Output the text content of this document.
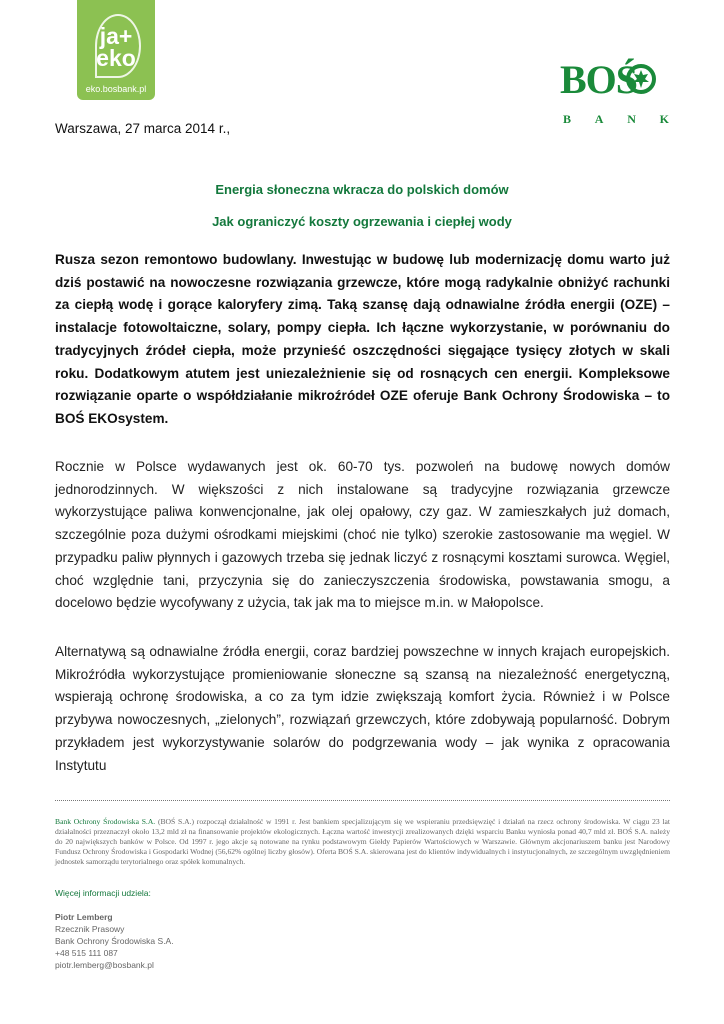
ja+
eko
eko.bosbank.pl	BOŚ
B A N K
Warszawa, 27 marca 2014 r.,
Energia słoneczna wkracza do polskich domów
Jak ograniczyć koszty ogrzewania i ciepłej wody

Rusza sezon remontowo budowlany. Inwestując w budowę lub modernizację domu warto już dziś postawić na nowoczesne rozwiązania grzewcze, które mogą radykalnie obniżyć rachunki za ciepłą wodę i gorące kaloryfery zimą. Taką szansę dają odnawialne źródła energii (OZE) – instalacje fotowoltaiczne, solary, pompy ciepła. Ich łączne wykorzystanie, w porównaniu do tradycyjnych źródeł ciepła, może przynieść oszczędności sięgające tysięcy złotych w skali roku. Dodatkowym atutem jest uniezależnienie się od rosnących cen energii. Kompleksowe rozwiązanie oparte o współdziałanie mikroźródeł OZE oferuje Bank Ochrony Środowiska – to BOŚ EKOsystem.

Rocznie w Polsce wydawanych jest ok. 60-70 tys. pozwoleń na budowę nowych domów jednorodzinnych. W większości z nich instalowane są tradycyjne rozwiązania grzewcze wykorzystujące paliwa konwencjonalne, jak olej opałowy, czy gaz. W zamieszkałych już domach, szczególnie poza dużymi ośrodkami miejskimi (choć nie tylko) szerokie zastosowanie ma węgiel. W przypadku paliw płynnych i gazowych trzeba się jednak liczyć z rosnącymi kosztami surowca. Węgiel, choć względnie tani, przyczynia się do zanieczyszczenia środowiska, powstawania smogu, a docelowo będzie wycofywany z użycia, tak jak ma to miejsce m.in. w Małopolsce.

Alternatywą są odnawialne źródła energii, coraz bardziej powszechne w innych krajach europejskich. Mikroźródła wykorzystujące promieniowanie słoneczne są szansą na niezależność energetyczną, wspierają ochronę środowiska, a co za tym idzie zwiększają komfort życia. Również i w Polsce przybywa nowoczesnych, „zielonych”, rozwiązań grzewczych, które zdobywają popularność. Dobrym przykładem jest wykorzystywanie solarów do podgrzewania wody – jak wynika z opracowania Instytutu

Bank Ochrony Środowiska S.A. (BOŚ S.A.) rozpoczął działalność w 1991 r. Jest bankiem specjalizującym się we wspieraniu przedsięwzięć i działań na rzecz ochrony środowiska. W ciągu 23 lat działalności przeznaczył około 13,2 mld zł na finansowanie projektów ekologicznych. Łączna wartość inwestycji zrealizowanych dzięki wsparciu Banku wyniosła ponad 40,7 mld zł. BOŚ S.A. należy do 20 największych banków w Polsce. Od 1997 r. jego akcje są notowane na rynku podstawowym Giełdy Papierów Wartościowych w Warszawie. Głównym akcjonariuszem banku jest Narodowy Fundusz Ochrony Środowiska i Gospodarki Wodnej (56,62% ogólnej liczby głosów). Oferta BOŚ S.A. skierowana jest do klientów indywidualnych i instytucjonalnych, ze szczególnym uwzględnieniem jednostek samorządu terytorialnego oraz spółek komunalnych.

Więcej informacji udziela:
Piotr Lemberg
Rzecznik Prasowy
Bank Ochrony Środowiska S.A.
+48 515 111 087
piotr.lemberg@bosbank.pl
